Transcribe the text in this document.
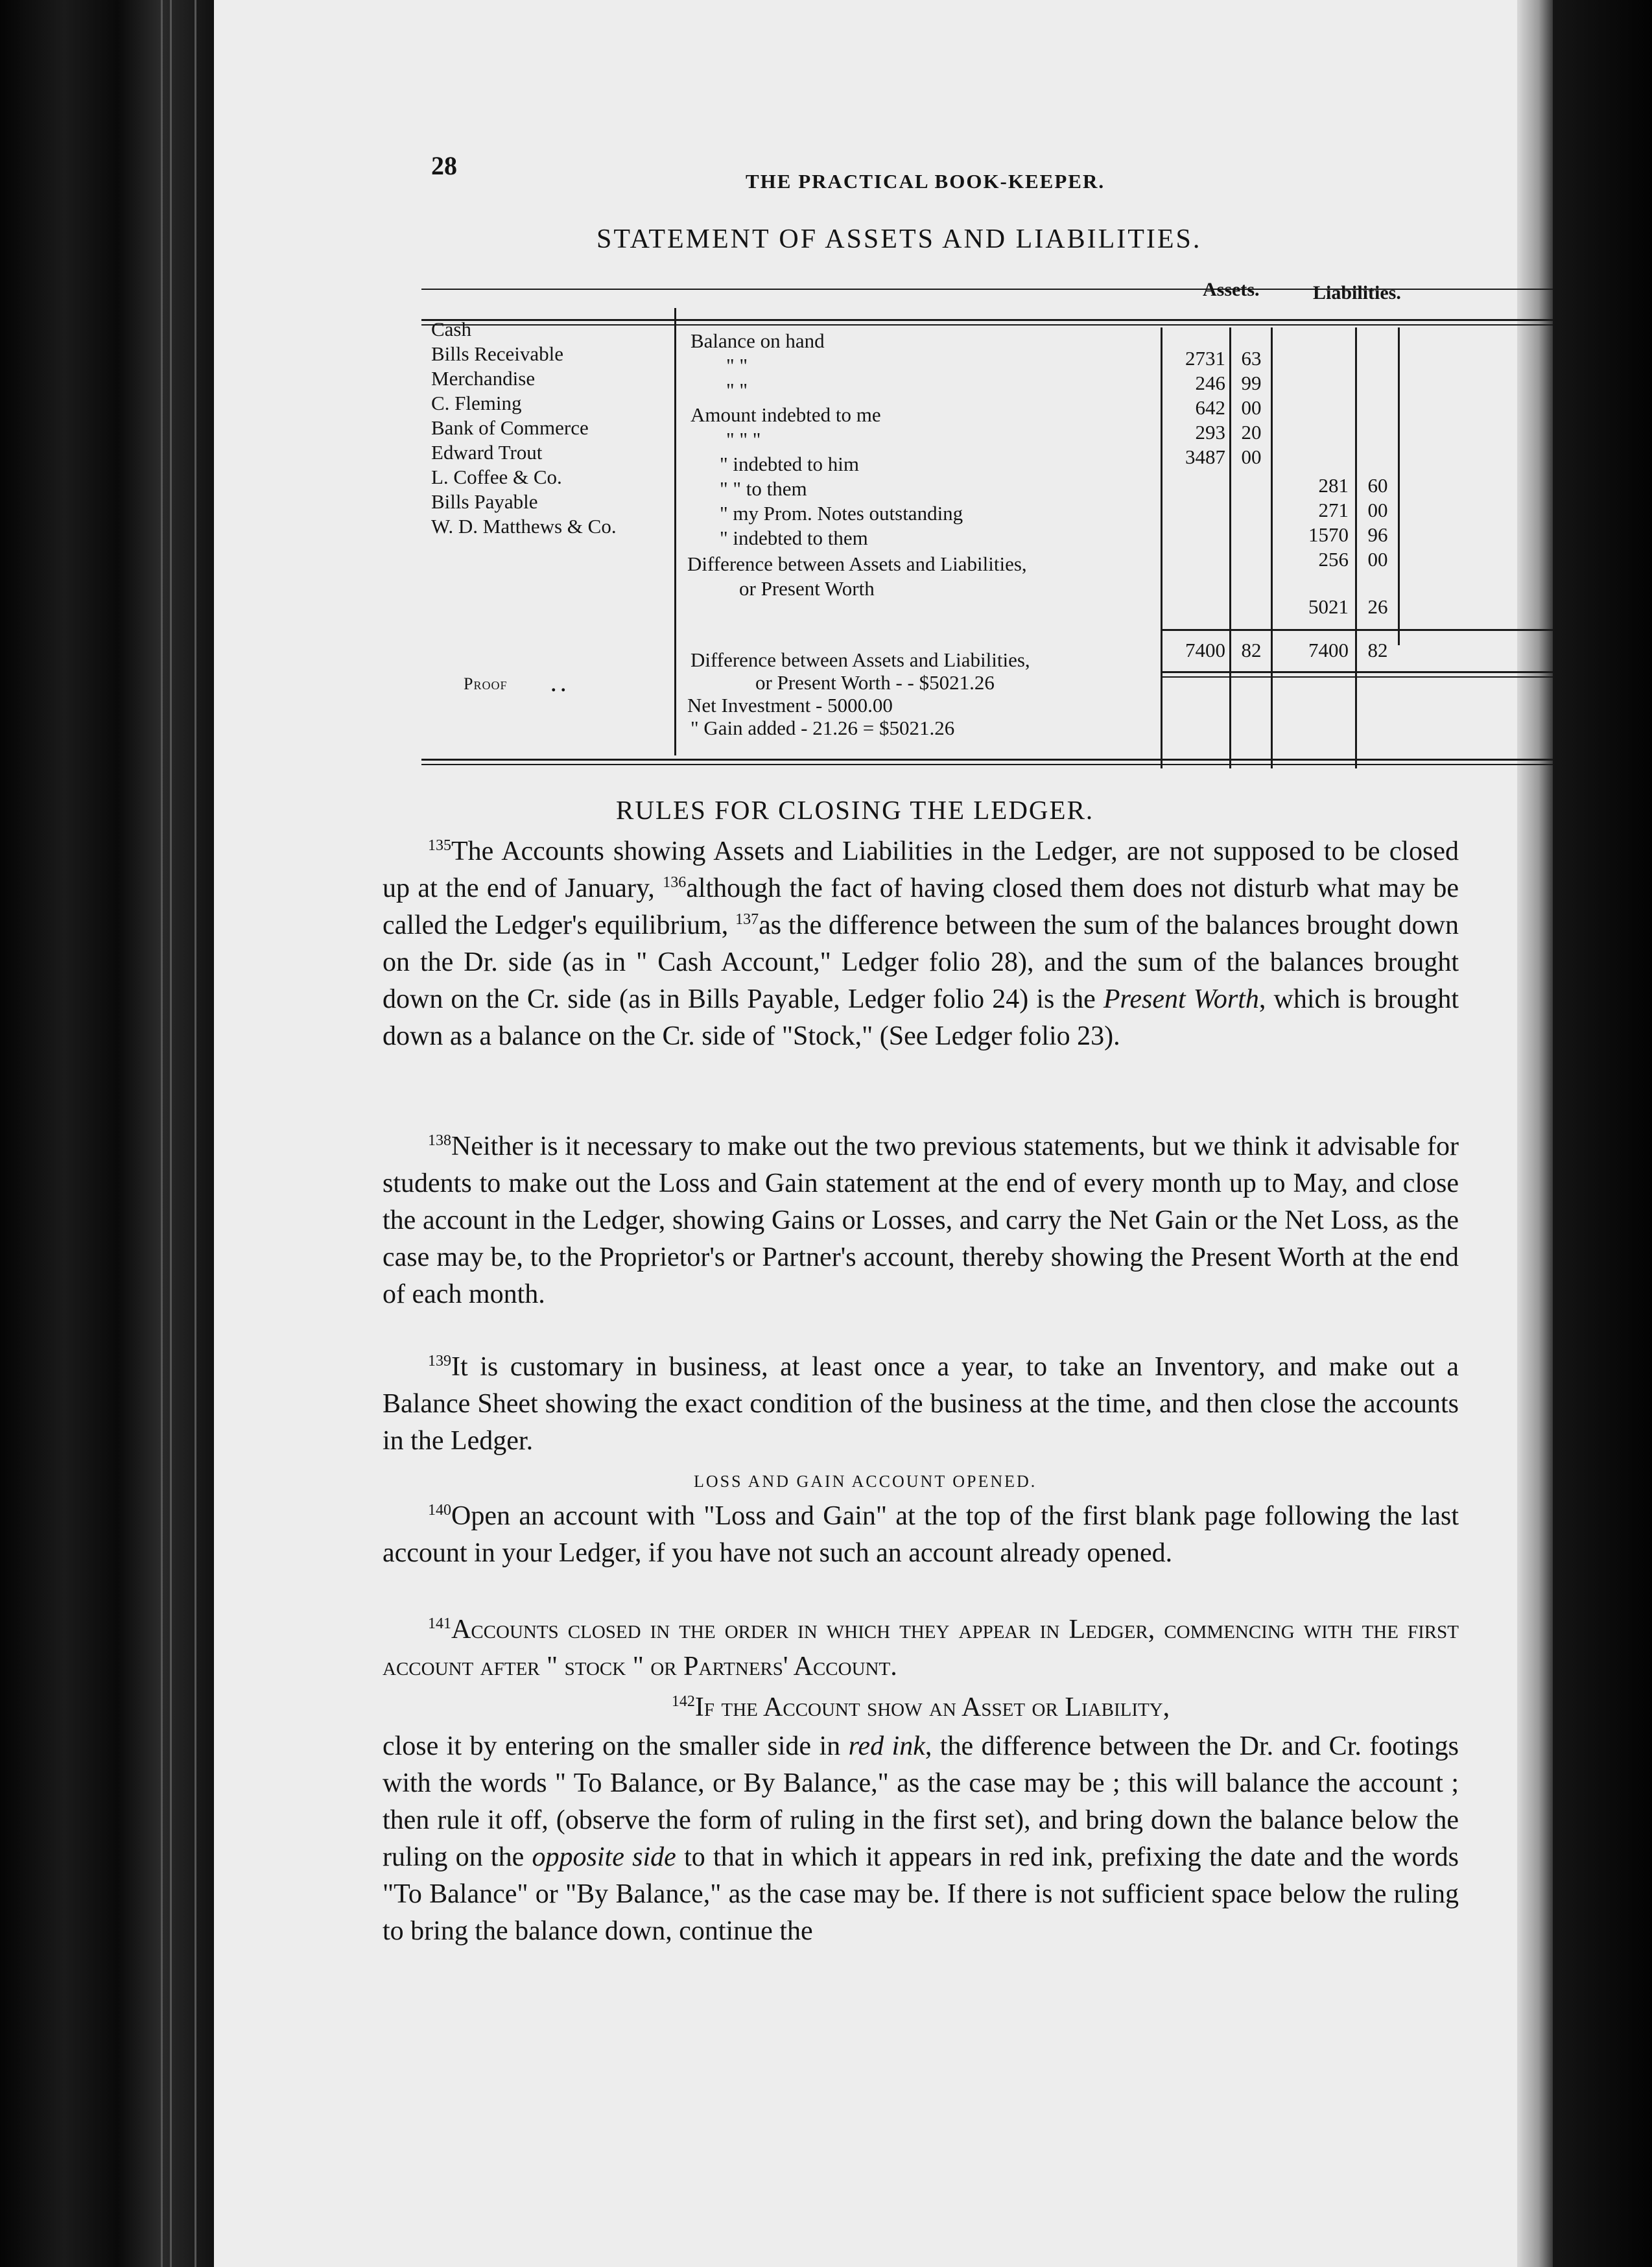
28
THE PRACTICAL BOOK-KEEPER.
STATEMENT OF ASSETS AND LIABILITIES.
Assets.	Liabilities.
Cash
Bills Receivable
Merchandise
C. Fleming
Bank of Commerce
Edward Trout
L. Coffee & Co.
Bills Payable
W. D. Matthews & Co.
Balance on hand
" "
" "
Amount indebted to me
" " "
" indebted to him
" " to them
" my Prom. Notes outstanding
" indebted to them
Difference between Assets and Liabilities,
or Present Worth
2731 63
246 99
642 00
293 20
3487 00
281 60
271 00
1570 96
256 00
5021 26
7400 82	7400 82
Proof . .
Difference between Assets and Liabilities,
or Present Worth - - $5021.26
Net Investment - 5000.00
" Gain added - 21.26 = $5021.26
RULES FOR CLOSING THE LEDGER.
$^{135}$The Accounts showing Assets and Liabilities in the Ledger, are not supposed to be closed up at the end of January, $^{136}$although the fact of having closed them does not disturb what may be called the Ledger's equilibrium, $^{137}$as the difference between the sum of the balances brought down on the Dr. side (as in " Cash Account," Ledger folio 28), and the sum of the balances brought down on the Cr. side (as in Bills Payable, Ledger folio 24) is the Present Worth, which is brought down as a balance on the Cr. side of "Stock," (See Ledger folio 23).
$^{138}$Neither is it necessary to make out the two previous statements, but we think it advisable for students to make out the Loss and Gain statement at the end of every month up to May, and close the account in the Ledger, showing Gains or Losses, and carry the Net Gain or the Net Loss, as the case may be, to the Proprietor's or Partner's account, thereby showing the Present Worth at the end of each month.
$^{139}$It is customary in business, at least once a year, to take an Inventory, and make out a Balance Sheet showing the exact condition of the business at the time, and then close the accounts in the Ledger.
LOSS AND GAIN ACCOUNT OPENED.
$^{140}$Open an account with "Loss and Gain" at the top of the first blank page following the last account in your Ledger, if you have not such an account already opened.
$^{141}$Accounts closed in the order in which they appear in Ledger, commencing with the first account after " stock " or Partners' Account.
$^{142}$If the Account show an Asset or Liability,
close it by entering on the smaller side in red ink, the difference between the Dr. and Cr. footings with the words " To Balance, or By Balance," as the case may be ; this will balance the account ; then rule it off, (observe the form of ruling in the first set), and bring down the balance below the ruling on the opposite side to that in which it appears in red ink, prefixing the date and the words "To Balance" or "By Balance," as the case may be. If there is not sufficient space below the ruling to bring the balance down, continue the
